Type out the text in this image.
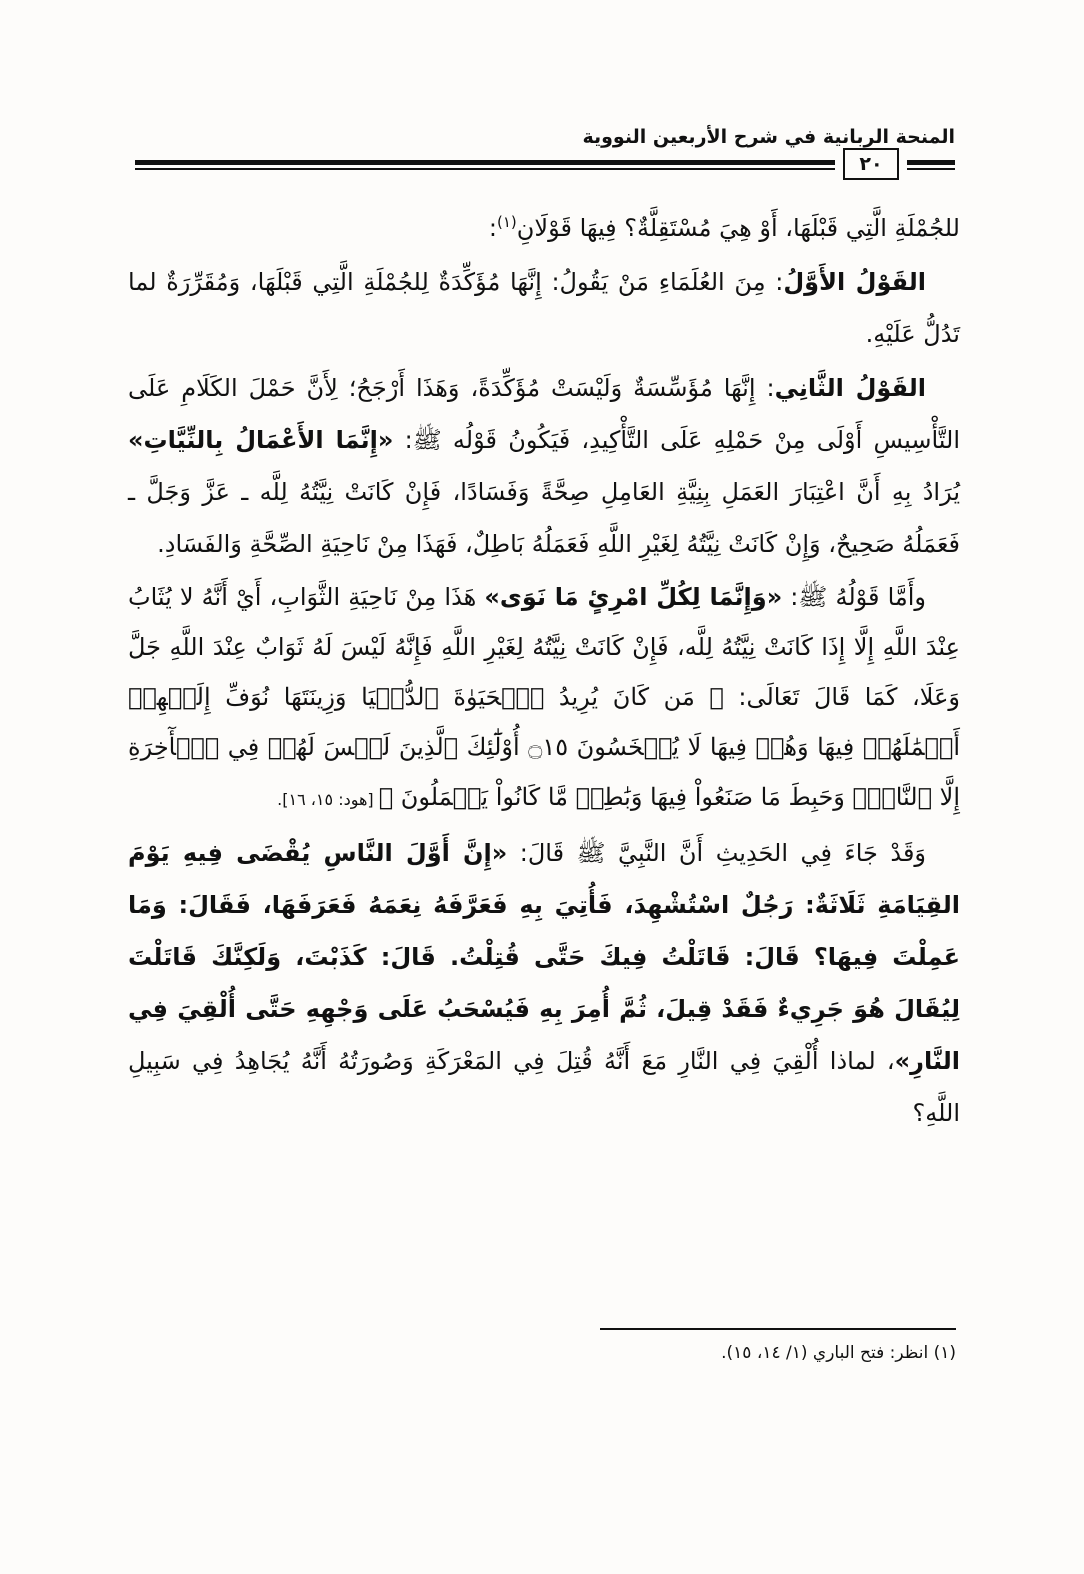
المنحة الربانية في شرح الأربعين النووية
٢٠

للجُمْلَةِ الَّتِي قَبْلَهَا، أَوْ هِيَ مُسْتَقِلَّةٌ؟ فِيهَا قَوْلَانِ$^{(١)}$:

القَوْلُ الأَوَّلُ: مِنَ العُلَمَاءِ مَنْ يَقُولُ: إِنَّهَا مُؤَكِّدَةٌ لِلجُمْلَةِ الَّتِي قَبْلَهَا، وَمُقَرِّرَةٌ لما تَدُلُّ عَلَيْهِ.

القَوْلُ الثَّانِي: إِنَّهَا مُؤَسِّسَةٌ وَلَيْسَتْ مُؤَكِّدَةً، وَهَذَا أَرْجَحُ؛ لِأَنَّ حَمْلَ الكَلَامِ عَلَى التَّأْسِيسِ أَوْلَى مِنْ حَمْلِهِ عَلَى التَّأْكِيدِ، فَيَكُونُ قَوْلُه ﷺ: «إِنَّمَا الأَعْمَالُ بِالنِّيَّاتِ» يُرَادُ بِهِ أَنَّ اعْتِبَارَ العَمَلِ بِنِيَّةِ العَامِلِ صِحَّةً وَفَسَادًا، فَإِنْ كَانَتْ نِيَّتُهُ لِلَّه ـ عَزَّ وَجَلَّ ـ فَعَمَلُهُ صَحِيحٌ، وَإِنْ كَانَتْ نِيَّتُهُ لِغَيْرِ اللَّهِ فَعَمَلُهُ بَاطِلٌ، فَهَذَا مِنْ نَاحِيَةِ الصِّحَّةِ وَالفَسَادِ.

وأَمَّا قَوْلُهُ ﷺ: «وَإِنَّمَا لِكُلِّ امْرِئٍ مَا نَوَى» هَذَا مِنْ نَاحِيَةِ الثَّوَابِ، أَيْ أَنَّهُ لا يُثَابُ عِنْدَ اللَّهِ إِلَّا إِذَا كَانَتْ نِيَّتُهُ لِلَّه، فَإِنْ كَانَتْ نِيَّتُهُ لِغَيْرِ اللَّهِ فَإِنَّهُ لَيْسَ لَهُ ثَوَابٌ عِنْدَ اللَّهِ جَلَّ وَعَلَا، كَمَا قَالَ تَعَالَى: ﴿ مَن كَانَ يُرِيدُ ٱلۡحَيَوٰةَ ٱلدُّنۡيَا وَزِينَتَهَا نُوَفِّ إِلَيۡهِمۡ أَعۡمَٰلَهُمۡ فِيهَا وَهُمۡ فِيهَا لَا يُبۡخَسُونَ ۝١٥ أُوْلَٰٓئِكَ ٱلَّذِينَ لَيۡسَ لَهُمۡ فِي ٱلۡأٓخِرَةِ إِلَّا ٱلنَّارُۖ وَحَبِطَ مَا صَنَعُواْ فِيهَا وَبَٰطِلٞ مَّا كَانُواْ يَعۡمَلُونَ ﴾ [هود: ١٥، ١٦].

وَقَدْ جَاءَ فِي الحَدِيثِ أَنَّ النَّبِيَّ ﷺ قَالَ: «إِنَّ أَوَّلَ النَّاسِ يُقْضَى فِيهِ يَوْمَ القِيَامَةِ ثَلَاثَةٌ: رَجُلٌ اسْتُشْهِدَ، فَأُتِيَ بِهِ فَعَرَّفَهُ نِعَمَهُ فَعَرَفَهَا، فَقَالَ: وَمَا عَمِلْتَ فِيهَا؟ قَالَ: قَاتَلْتُ فِيكَ حَتَّى قُتِلْتُ. قَالَ: كَذَبْتَ، وَلَكِنَّكَ قَاتَلْتَ لِيُقَالَ هُوَ جَرِيءٌ فَقَدْ قِيلَ، ثُمَّ أُمِرَ بِهِ فَيُسْحَبُ عَلَى وَجْهِهِ حَتَّى أُلْقِيَ فِي النَّارِ»، لماذا أُلْقِيَ فِي النَّارِ مَعَ أَنَّهُ قُتِلَ فِي المَعْرَكَةِ وَصُورَتُهُ أَنَّهُ يُجَاهِدُ فِي سَبِيلِ اللَّهِ؟

(١) انظر: فتح الباري (١/ ١٤، ١٥).
